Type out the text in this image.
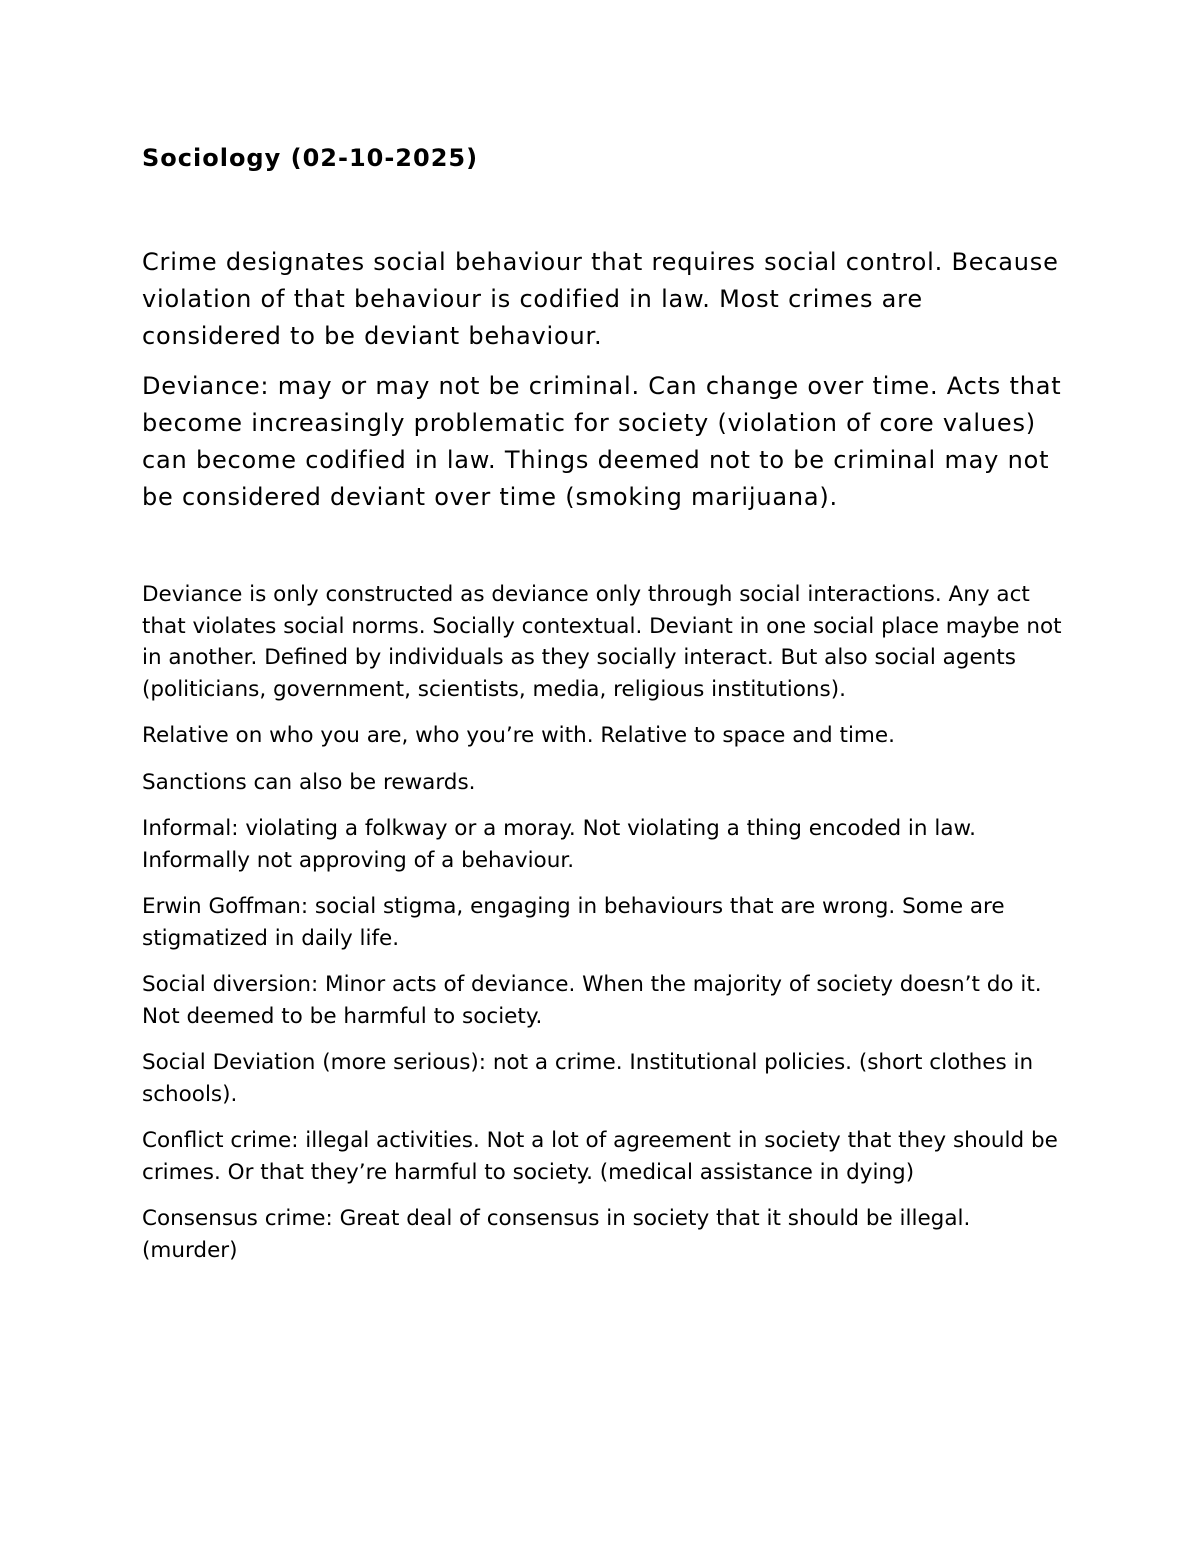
Sociology (02-10-2025)

Crime designates social behaviour that requires social control. Because violation of that behaviour is codified in law. Most crimes are considered to be deviant behaviour.

Deviance: may or may not be criminal. Can change over time. Acts that become increasingly problematic for society (violation of core values) can become codified in law. Things deemed not to be criminal may not be considered deviant over time (smoking marijuana).

Deviance is only constructed as deviance only through social interactions. Any act that violates social norms. Socially contextual. Deviant in one social place maybe not in another. Defined by individuals as they socially interact. But also social agents (politicians, government, scientists, media, religious institutions).

Relative on who you are, who you’re with. Relative to space and time.

Sanctions can also be rewards.

Informal: violating a folkway or a moray. Not violating a thing encoded in law. Informally not approving of a behaviour.

Erwin Goffman: social stigma, engaging in behaviours that are wrong. Some are stigmatized in daily life.

Social diversion: Minor acts of deviance. When the majority of society doesn’t do it. Not deemed to be harmful to society.

Social Deviation (more serious): not a crime. Institutional policies. (short clothes in schools).

Conflict crime: illegal activities. Not a lot of agreement in society that they should be crimes. Or that they’re harmful to society. (medical assistance in dying)

Consensus crime: Great deal of consensus in society that it should be illegal. (murder)
